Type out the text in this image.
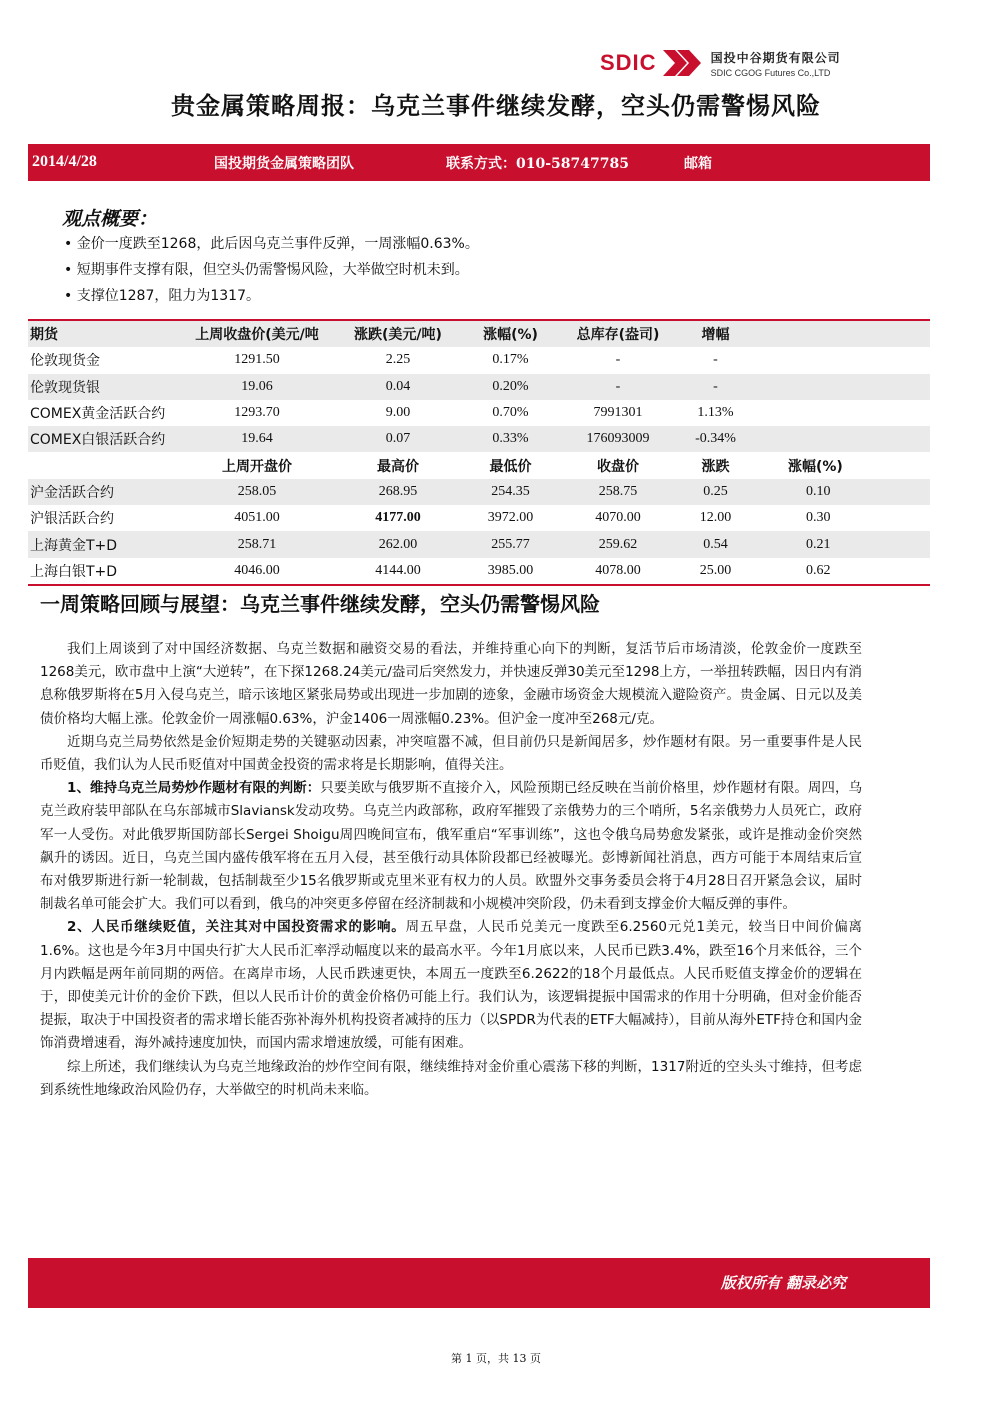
SDIC	国投中谷期货有限公司
SDIC CGOG Futures Co.,LTD
贵金属策略周报：乌克兰事件继续发酵，空头仍需警惕风险
2014/4/28	国投期货金属策略团队	联系方式：010-58747785	邮箱
观点概要：
• 金价一度跌至1268，此后因乌克兰事件反弹，一周涨幅0.63%。
• 短期事件支撑有限，但空头仍需警惕风险，大举做空时机未到。
• 支撑位1287，阻力为1317。
期货	上周收盘价(美元/吨	涨跌(美元/吨)	涨幅(%)	总库存(盎司)	增幅	
伦敦现货金	1291.50	2.25	0.17%	-	-	
伦敦现货银	19.06	0.04	0.20%	-	-	
COMEX黄金活跃合约	1293.70	9.00	0.70%	7991301	1.13%	
COMEX白银活跃合约	19.64	0.07	0.33%	176093009	-0.34%	
	上周开盘价	最高价	最低价	收盘价	涨跌	涨幅(%)
沪金活跃合约	258.05	268.95	254.35	258.75	0.25	0.10
沪银活跃合约	4051.00	4177.00	3972.00	4070.00	12.00	0.30
上海黄金T+D	258.71	262.00	255.77	259.62	0.54	0.21
上海白银T+D	4046.00	4144.00	3985.00	4078.00	25.00	0.62
一周策略回顾与展望：乌克兰事件继续发酵，空头仍需警惕风险

我们上周谈到了对中国经济数据、乌克兰数据和融资交易的看法，并维持重心向下的判断，复活节后市场清淡，伦敦金价一度跌至1268美元，欧市盘中上演“大逆转”，在下探1268.24美元/盎司后突然发力，并快速反弹30美元至1298上方，一举扭转跌幅，因日内有消息称俄罗斯将在5月入侵乌克兰，暗示该地区紧张局势或出现进一步加剧的迹象，金融市场资金大规模流入避险资产。贵金属、日元以及美债价格均大幅上涨。伦敦金价一周涨幅0.63%，沪金1406一周涨幅0.23%。但沪金一度冲至268元/克。

近期乌克兰局势依然是金价短期走势的关键驱动因素，冲突喧嚣不减，但目前仍只是新闻居多，炒作题材有限。另一重要事件是人民币贬值，我们认为人民币贬值对中国黄金投资的需求将是长期影响，值得关注。

1、维持乌克兰局势炒作题材有限的判断：只要美欧与俄罗斯不直接介入，风险预期已经反映在当前价格里，炒作题材有限。周四，乌克兰政府装甲部队在乌东部城市Slaviansk发动攻势。乌克兰内政部称，政府军摧毁了亲俄势力的三个哨所，5名亲俄势力人员死亡，政府军一人受伤。对此俄罗斯国防部长Sergei Shoigu周四晚间宣布，俄军重启“军事训练”，这也令俄乌局势愈发紧张，或许是推动金价突然飙升的诱因。近日，乌克兰国内盛传俄军将在五月入侵，甚至俄行动具体阶段都已经被曝光。彭博新闻社消息，西方可能于本周结束后宣布对俄罗斯进行新一轮制裁，包括制裁至少15名俄罗斯或克里米亚有权力的人员。欧盟外交事务委员会将于4月28日召开紧急会议，届时制裁名单可能会扩大。我们可以看到，俄乌的冲突更多停留在经济制裁和小规模冲突阶段，仍未看到支撑金价大幅反弹的事件。

2、人民币继续贬值，关注其对中国投资需求的影响。周五早盘，人民币兑美元一度跌至6.2560元兑1美元，较当日中间价偏离1.6%。这也是今年3月中国央行扩大人民币汇率浮动幅度以来的最高水平。今年1月底以来，人民币已跌3.4%，跌至16个月来低谷，三个月内跌幅是两年前同期的两倍。在离岸市场，人民币跌速更快，本周五一度跌至6.2622的18个月最低点。人民币贬值支撑金价的逻辑在于，即使美元计价的金价下跌，但以人民币计价的黄金价格仍可能上行。我们认为，该逻辑提振中国需求的作用十分明确，但对金价能否提振，取决于中国投资者的需求增长能否弥补海外机构投资者减持的压力（以SPDR为代表的ETF大幅减持），目前从海外ETF持仓和国内金饰消费增速看，海外减持速度加快，而国内需求增速放缓，可能有困难。

综上所述，我们继续认为乌克兰地缘政治的炒作空间有限，继续维持对金价重心震荡下移的判断，1317附近的空头头寸维持，但考虑到系统性地缘政治风险仍存，大举做空的时机尚未来临。

版权所有 翻录必究
第 1 页，共 13 页
